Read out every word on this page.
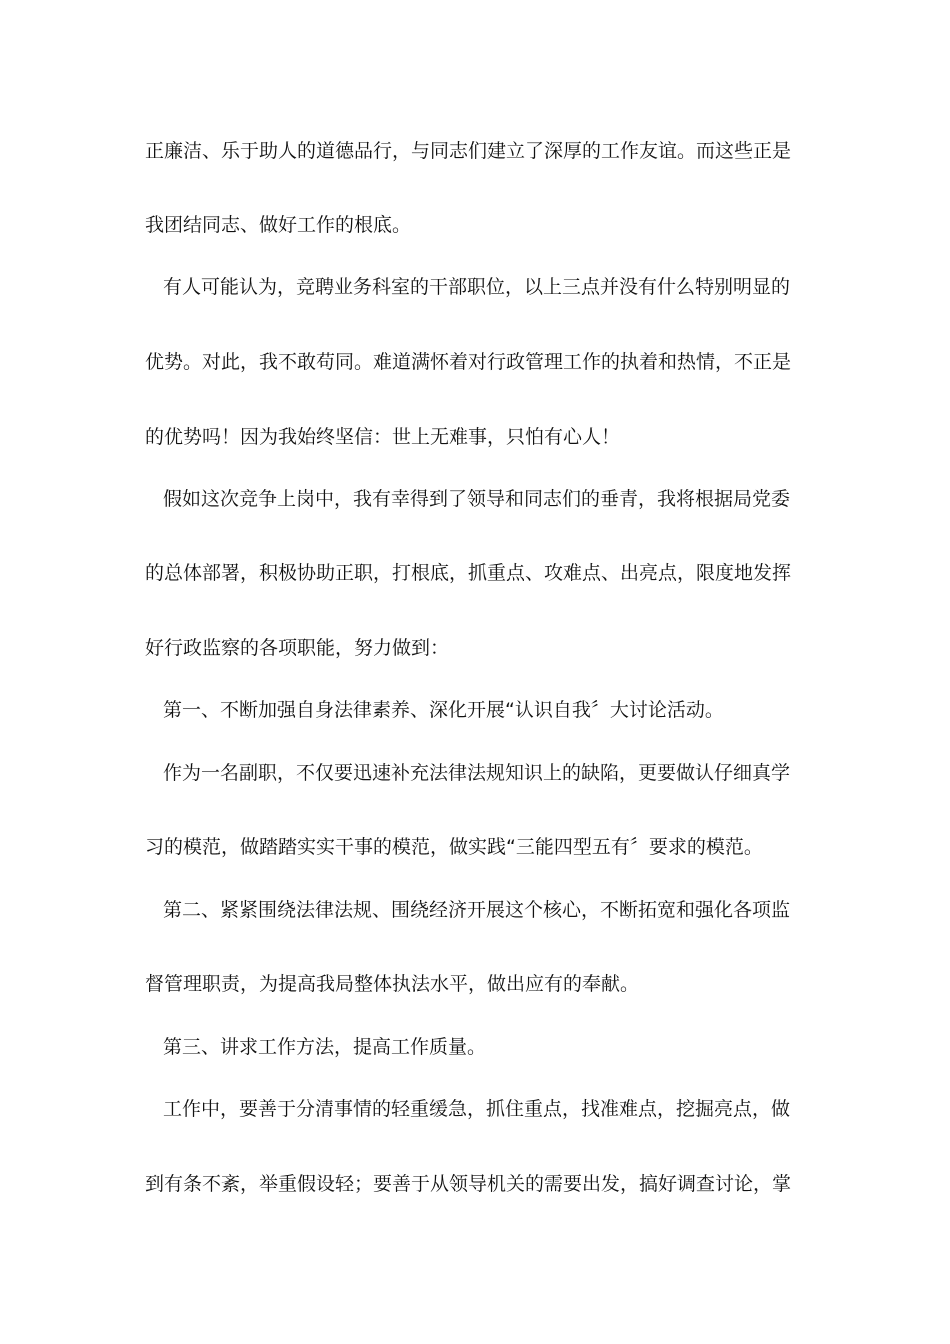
正廉洁、乐于助人的道德品行，与同志们建立了深厚的工作友谊。而这些正是
我团结同志、做好工作的根底。
有人可能认为，竞聘业务科室的干部职位，以上三点并没有什么特别明显的
优势。对此，我不敢苟同。难道满怀着对行政管理工作的执着和热情，不正是
的优势吗！因为我始终坚信：世上无难事，只怕有心人！
假如这次竞争上岗中，我有幸得到了领导和同志们的垂青，我将根据局党委
的总体部署，积极协助正职，打根底，抓重点、攻难点、出亮点，限度地发挥
好行政监察的各项职能，努力做到：
第一、不断加强自身法律素养、深化开展“认识自我〞大讨论活动。
作为一名副职，不仅要迅速补充法律法规知识上的缺陷，更要做认仔细真学
习的模范，做踏踏实实干事的模范，做实践“三能四型五有〞要求的模范。
第二、紧紧围绕法律法规、围绕经济开展这个核心，不断拓宽和强化各项监
督管理职责，为提高我局整体执法水平，做出应有的奉献。
第三、讲求工作方法，提高工作质量。
工作中，要善于分清事情的轻重缓急，抓住重点，找准难点，挖掘亮点，做
到有条不紊，举重假设轻；要善于从领导机关的需要出发，搞好调查讨论，掌
